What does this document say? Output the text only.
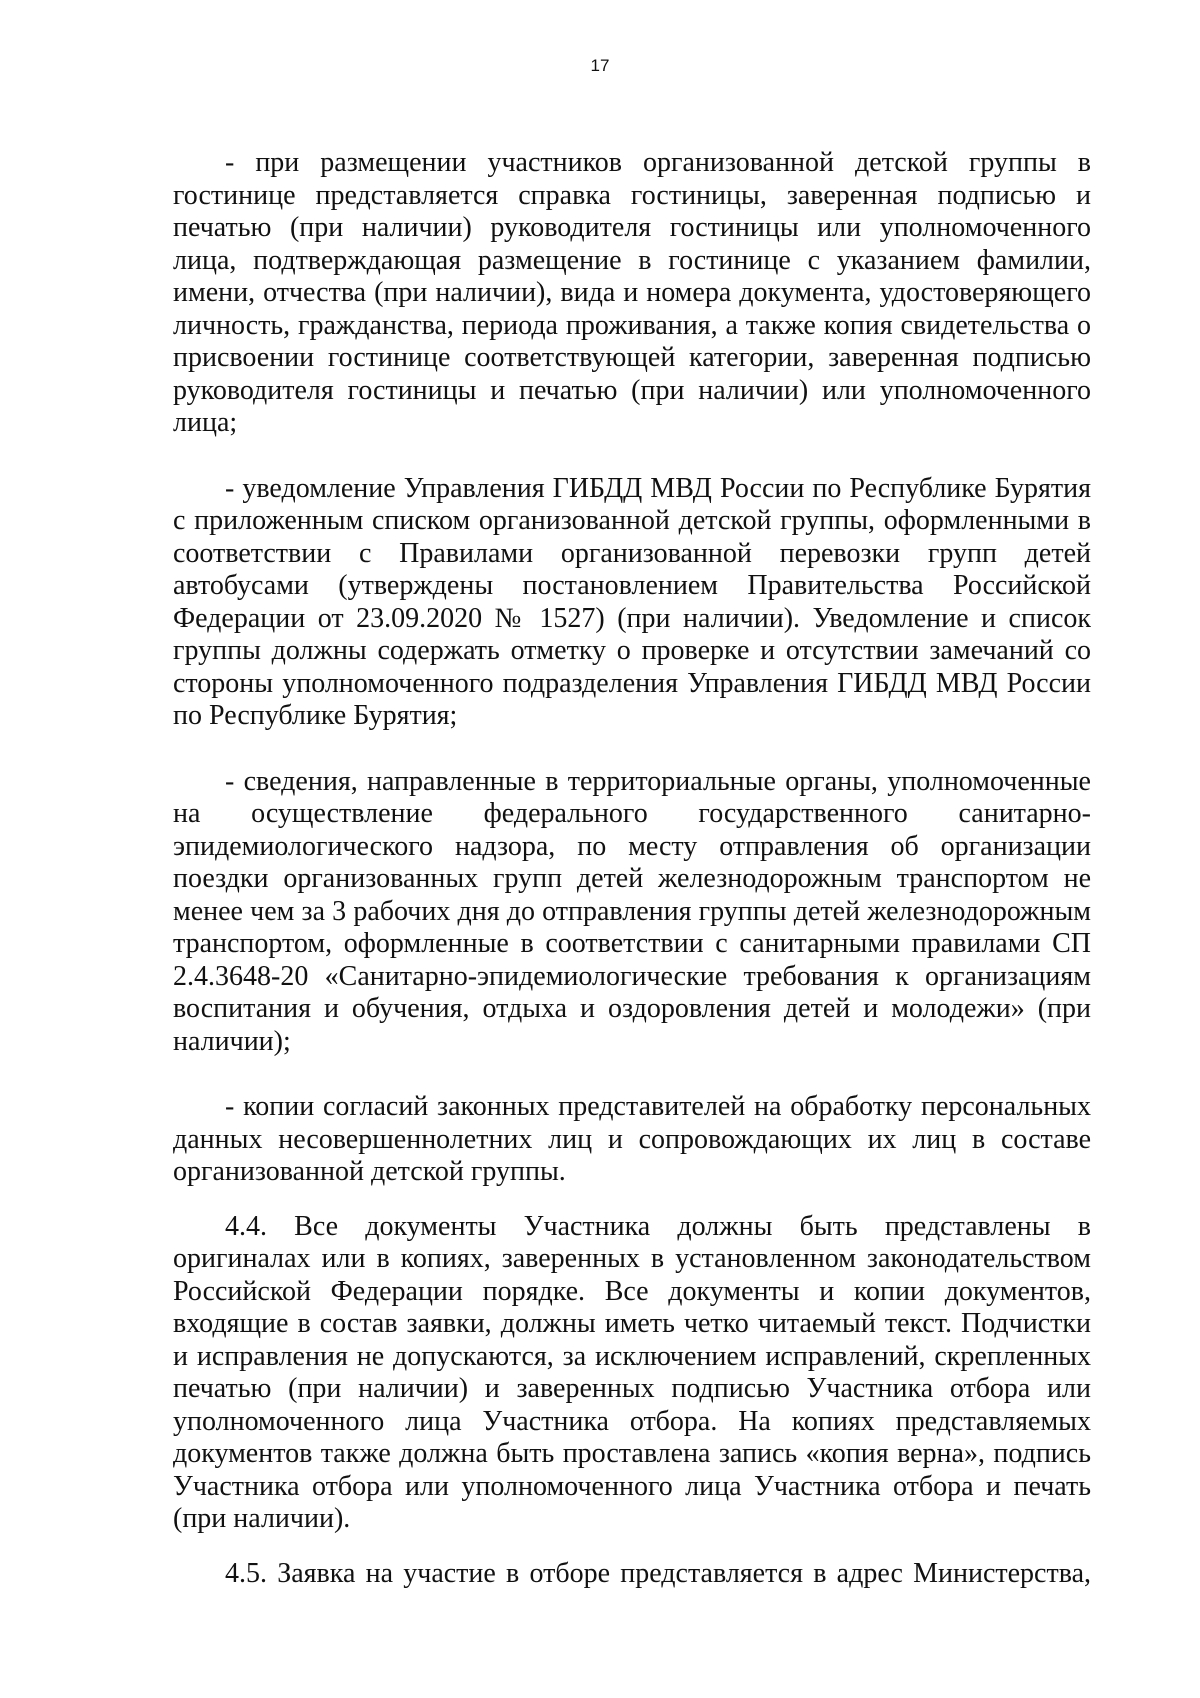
17

- при размещении участников организованной детской группы в гостинице представляется справка гостиницы, заверенная подписью и печатью (при наличии) руководителя гостиницы или уполномоченного лица, подтверждающая размещение в гостинице с указанием фамилии, имени, отчества (при наличии), вида и номера документа, удостоверяющего личность, гражданства, периода проживания, а также копия свидетельства о присвоении гостинице соответствующей категории, заверенная подписью руководителя гостиницы и печатью (при наличии) или уполномоченного лица;

- уведомление Управления ГИБДД МВД России по Республике Бурятия с приложенным списком организованной детской группы, оформленными в соответствии с Правилами организованной перевозки групп детей автобусами (утверждены постановлением Правительства Российской Федерации от 23.09.2020 № 1527) (при наличии). Уведомление и список группы должны содержать отметку о проверке и отсутствии замечаний со стороны уполномоченного подразделения Управления ГИБДД МВД России по Республике Бурятия;

- сведения, направленные в территориальные органы, уполномоченные на осуществление федерального государственного санитарно-эпидемиологического надзора, по месту отправления об организации поездки организованных групп детей железнодорожным транспортом не менее чем за 3 рабочих дня до отправления группы детей железнодорожным транспортом, оформленные в соответствии с санитарными правилами СП 2.4.3648-20 «Санитарно-эпидемиологические требования к организациям воспитания и обучения, отдыха и оздоровления детей и молодежи» (при наличии);

- копии согласий законных представителей на обработку персональных данных несовершеннолетних лиц и сопровождающих их лиц в составе организованной детской группы.

4.4. Все документы Участника должны быть представлены в оригиналах или в копиях, заверенных в установленном законодательством Российской Федерации порядке. Все документы и копии документов, входящие в состав заявки, должны иметь четко читаемый текст. Подчистки и исправления не допускаются, за исключением исправлений, скрепленных печатью (при наличии) и заверенных подписью Участника отбора или уполномоченного лица Участника отбора. На копиях представляемых документов также должна быть проставлена запись «копия верна», подпись Участника отбора или уполномоченного лица Участника отбора и печать (при наличии).

4.5. Заявка на участие в отборе представляется в адрес Министерства,
